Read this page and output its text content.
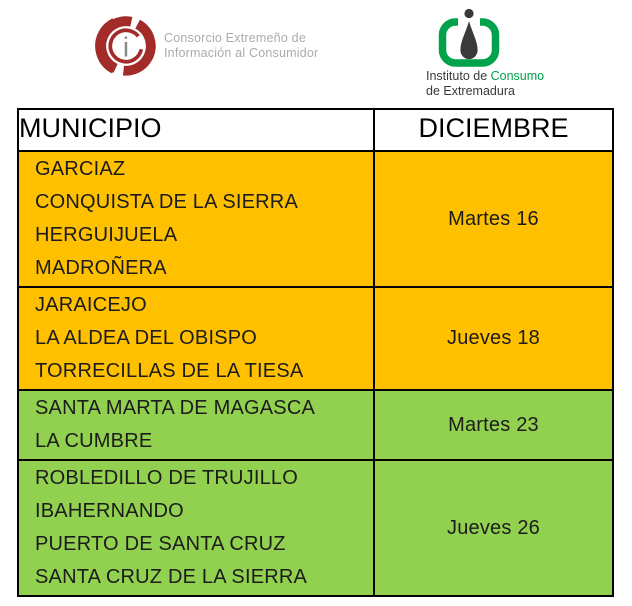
i	Consorcio Extremeño de
Información al Consumidor
Instituto de Consumo
de Extremadura
MUNICIPIO	DICIEMBRE

GARCIAZ
CONQUISTA DE LA SIERRA
HERGUIJUELA
MADROÑERA	Martes 16

JARAICEJO
LA ALDEA DEL OBISPO
TORRECILLAS DE LA TIESA	Jueves 18

SANTA MARTA DE MAGASCA
LA CUMBRE	Martes 23

ROBLEDILLO DE TRUJILLO
IBAHERNANDO
PUERTO DE SANTA CRUZ
SANTA CRUZ DE LA SIERRA	Jueves 26
